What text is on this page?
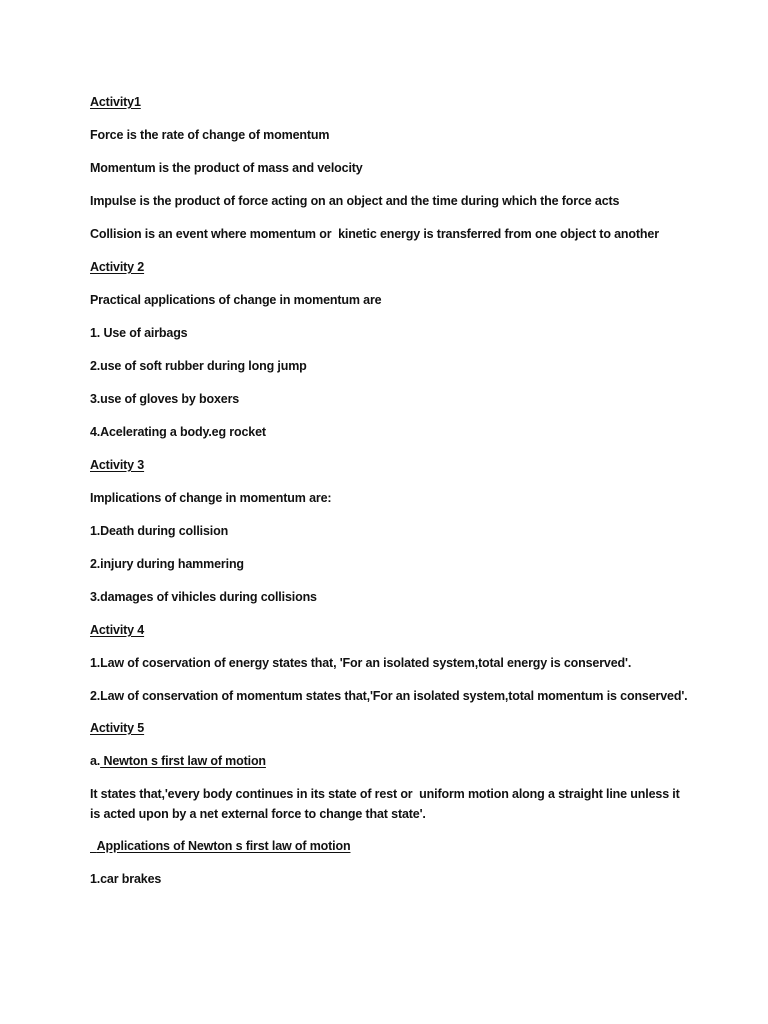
Activity1

Force is the rate of change of momentum

Momentum is the product of mass and velocity

Impulse is the product of force acting on an object and the time during which the force acts

Collision is an event where momentum or  kinetic energy is transferred from one object to another

Activity 2

Practical applications of change in momentum are

1. Use of airbags

2.use of soft rubber during long jump

3.use of gloves by boxers

4.Acelerating a body.eg rocket

Activity 3

Implications of change in momentum are:

1.Death during collision

2.injury during hammering

3.damages of vihicles during collisions

Activity 4

1.Law of coservation of energy states that, 'For an isolated system,total energy is conserved'.

2.Law of conservation of momentum states that,'For an isolated system,total momentum is conserved'.

Activity 5

a. Newton s first law of motion

It states that,'every body continues in its state of rest or  uniform motion along a straight line unless it is acted upon by a net external force to change that state'.

Applications of Newton s first law of motion

1.car brakes
